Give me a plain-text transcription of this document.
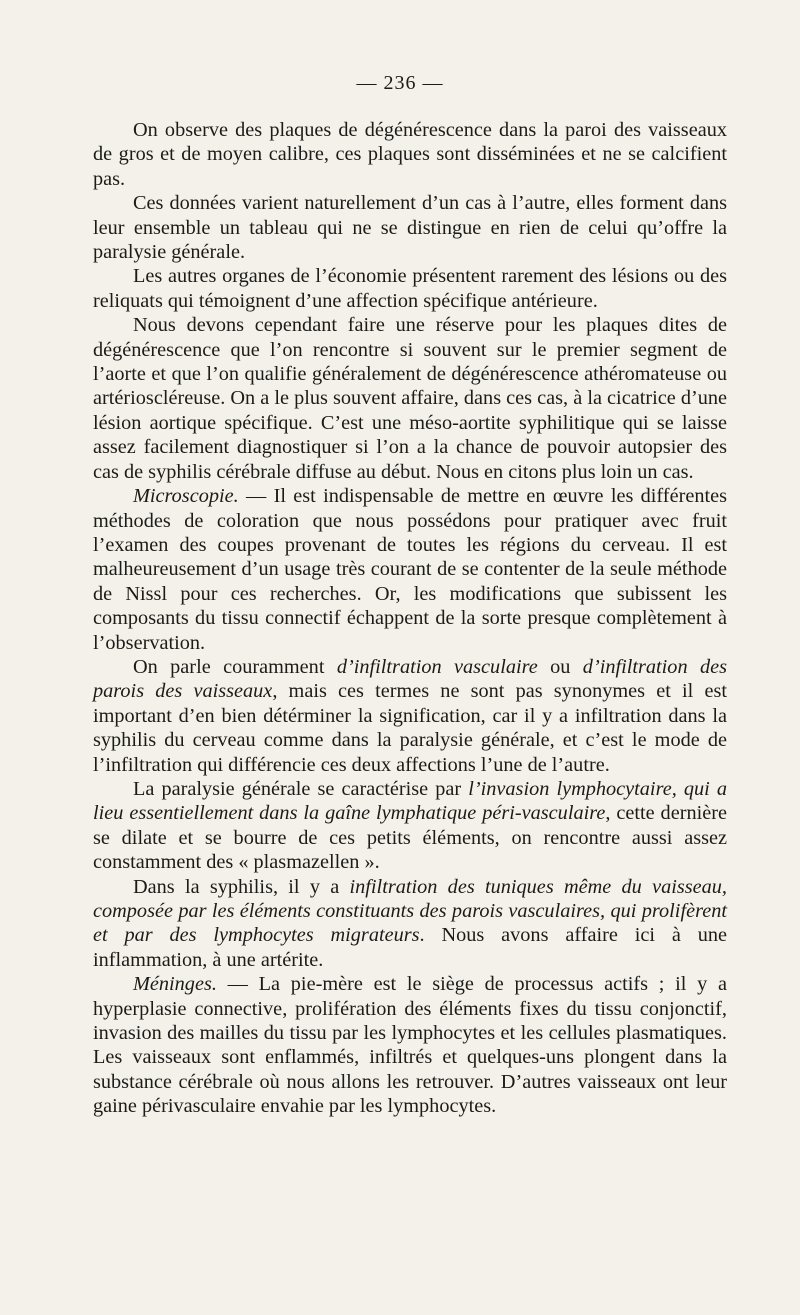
— 236 —

On observe des plaques de dégénérescence dans la paroi des vaisseaux de gros et de moyen calibre, ces plaques sont disséminées et ne se calcifient pas.

Ces données varient naturellement d’un cas à l’autre, elles forment dans leur ensemble un tableau qui ne se distingue en rien de celui qu’offre la paralysie générale.

Les autres organes de l’économie présentent rarement des lésions ou des reliquats qui témoignent d’une affection spécifique antérieure.

Nous devons cependant faire une réserve pour les plaques dites de dégénérescence que l’on rencontre si souvent sur le premier segment de l’aorte et que l’on qualifie généralement de dégénérescence athéromateuse ou artérioscléreuse. On a le plus souvent affaire, dans ces cas, à la cicatrice d’une lésion aortique spécifique. C’est une méso-aortite syphilitique qui se laisse assez facilement diagnostiquer si l’on a la chance de pouvoir autopsier des cas de syphilis cérébrale diffuse au début. Nous en citons plus loin un cas.

Microscopie. — Il est indispensable de mettre en œuvre les différentes méthodes de coloration que nous possédons pour pratiquer avec fruit l’examen des coupes provenant de toutes les régions du cerveau. Il est malheureusement d’un usage très courant de se contenter de la seule méthode de Nissl pour ces recherches. Or, les modifications que subissent les composants du tissu connectif échappent de la sorte presque complètement à l’observation.

On parle couramment d’infiltration vasculaire ou d’infiltration des parois des vaisseaux, mais ces termes ne sont pas synonymes et il est important d’en bien détérminer la signification, car il y a infiltration dans la syphilis du cerveau comme dans la paralysie générale, et c’est le mode de l’infiltration qui différencie ces deux affections l’une de l’autre.

La paralysie générale se caractérise par l’invasion lymphocytaire, qui a lieu essentiellement dans la gaîne lymphatique péri-vasculaire, cette dernière se dilate et se bourre de ces petits éléments, on rencontre aussi assez constamment des « plasmazellen ».

Dans la syphilis, il y a infiltration des tuniques même du vaisseau, composée par les éléments constituants des parois vasculaires, qui prolifèrent et par des lymphocytes migrateurs. Nous avons affaire ici à une inflammation, à une artérite.

Méninges. — La pie-mère est le siège de processus actifs ; il y a hyperplasie connective, prolifération des éléments fixes du tissu conjonctif, invasion des mailles du tissu par les lymphocytes et les cellules plasmatiques. Les vaisseaux sont enflammés, infiltrés et quelques-uns plongent dans la substance cérébrale où nous allons les retrouver. D’autres vaisseaux ont leur gaine périvasculaire envahie par les lymphocytes.
